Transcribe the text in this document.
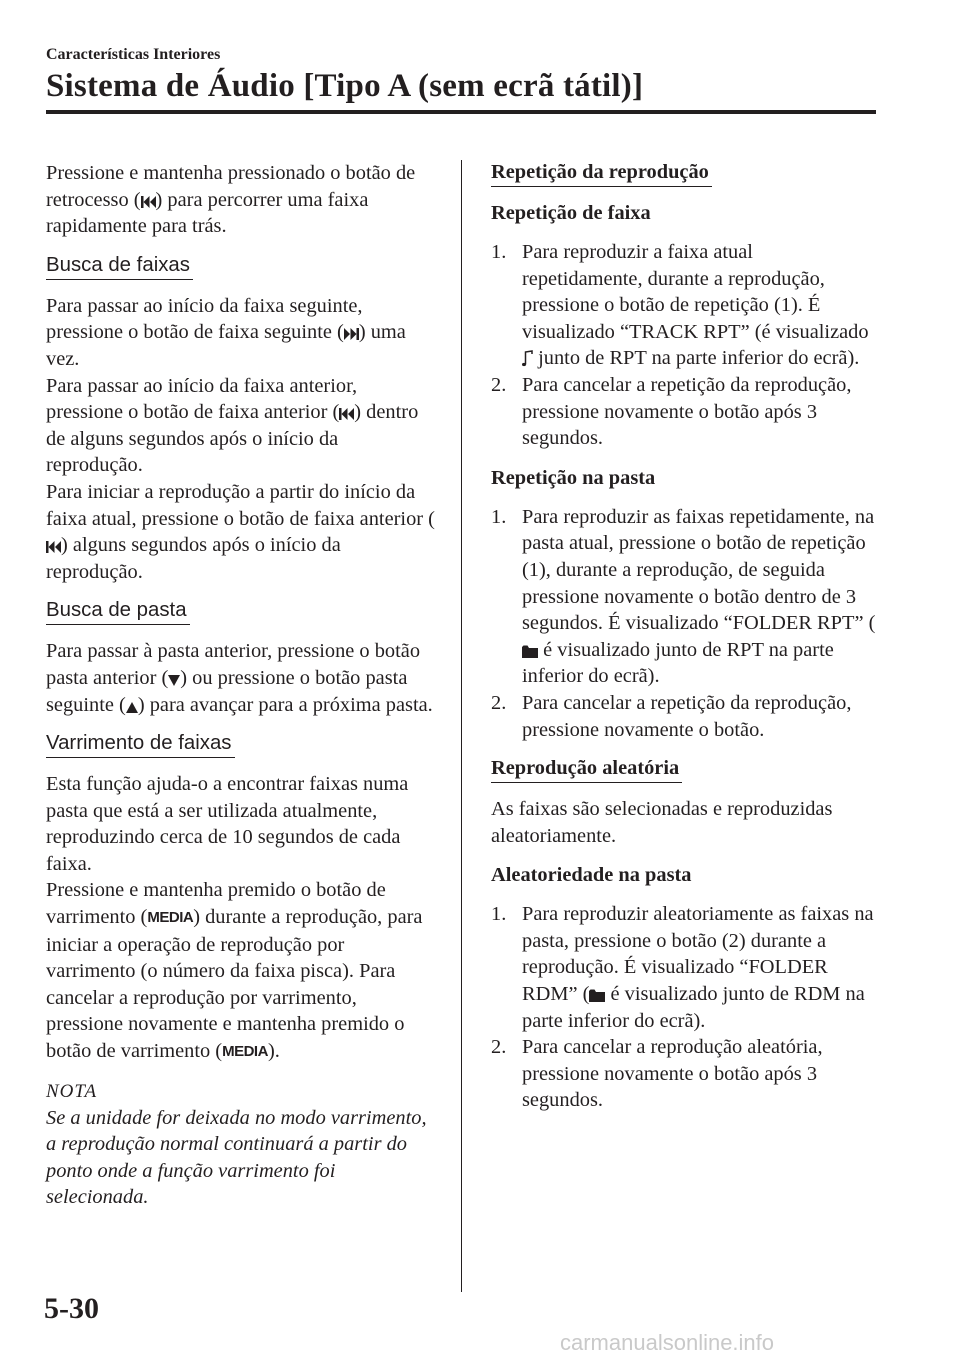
Características Interiores
Sistema de Áudio [Tipo A (sem ecrã tátil)]

Pressione e mantenha pressionado o botão de retrocesso ( ) para percorrer uma faixa rapidamente para trás.

Busca de faixas

Para passar ao início da faixa seguinte, pressione o botão de faixa seguinte ( ) uma vez.
Para passar ao início da faixa anterior, pressione o botão de faixa anterior ( ) dentro de alguns segundos após o início da reprodução.
Para iniciar a reprodução a partir do início da faixa atual, pressione o botão de faixa anterior (
) alguns segundos após o início da reprodução.

Busca de pasta

Para passar à pasta anterior, pressione o botão pasta anterior ( ) ou pressione o botão pasta seguinte ( ) para avançar para a próxima pasta.

Varrimento de faixas

Esta função ajuda-o a encontrar faixas numa pasta que está a ser utilizada atualmente, reproduzindo cerca de 10 segundos de cada faixa.
Pressione e mantenha premido o botão de varrimento (MEDIA) durante a reprodução, para iniciar a operação de reprodução por varrimento (o número da faixa pisca). Para cancelar a reprodução por varrimento, pressione novamente e mantenha premido o botão de varrimento (MEDIA).

NOTA

Se a unidade for deixada no modo varrimento, a reprodução normal continuará a partir do ponto onde a função varrimento foi selecionada.

Repetição da reprodução
Repetição de faixa
1. Para reproduzir a faixa atual repetidamente, durante a reprodução, pressione o botão de repetição (1). É visualizado “TRACK RPT” (é visualizado
junto de RPT na parte inferior do ecrã).
2. Para cancelar a repetição da reprodução, pressione novamente o botão após 3 segundos.
Repetição na pasta
1. Para reproduzir as faixas repetidamente, na pasta atual, pressione o botão de repetição (1), durante a reprodução, de seguida pressione novamente o botão dentro de 3 segundos. É visualizado “FOLDER RPT” (
é visualizado junto de RPT na parte inferior do ecrã).
2. Para cancelar a repetição da reprodução, pressione novamente o botão.
Reprodução aleatória

As faixas são selecionadas e reproduzidas aleatoriamente.

Aleatoriedade na pasta
1. Para reproduzir aleatoriamente as faixas na pasta, pressione o botão (2) durante a reprodução. É visualizado “FOLDER RDM” (
é visualizado junto de RDM na parte inferior do ecrã).
2. Para cancelar a reprodução aleatória, pressione novamente o botão após 3 segundos.
5-30
carmanualsonline.info
